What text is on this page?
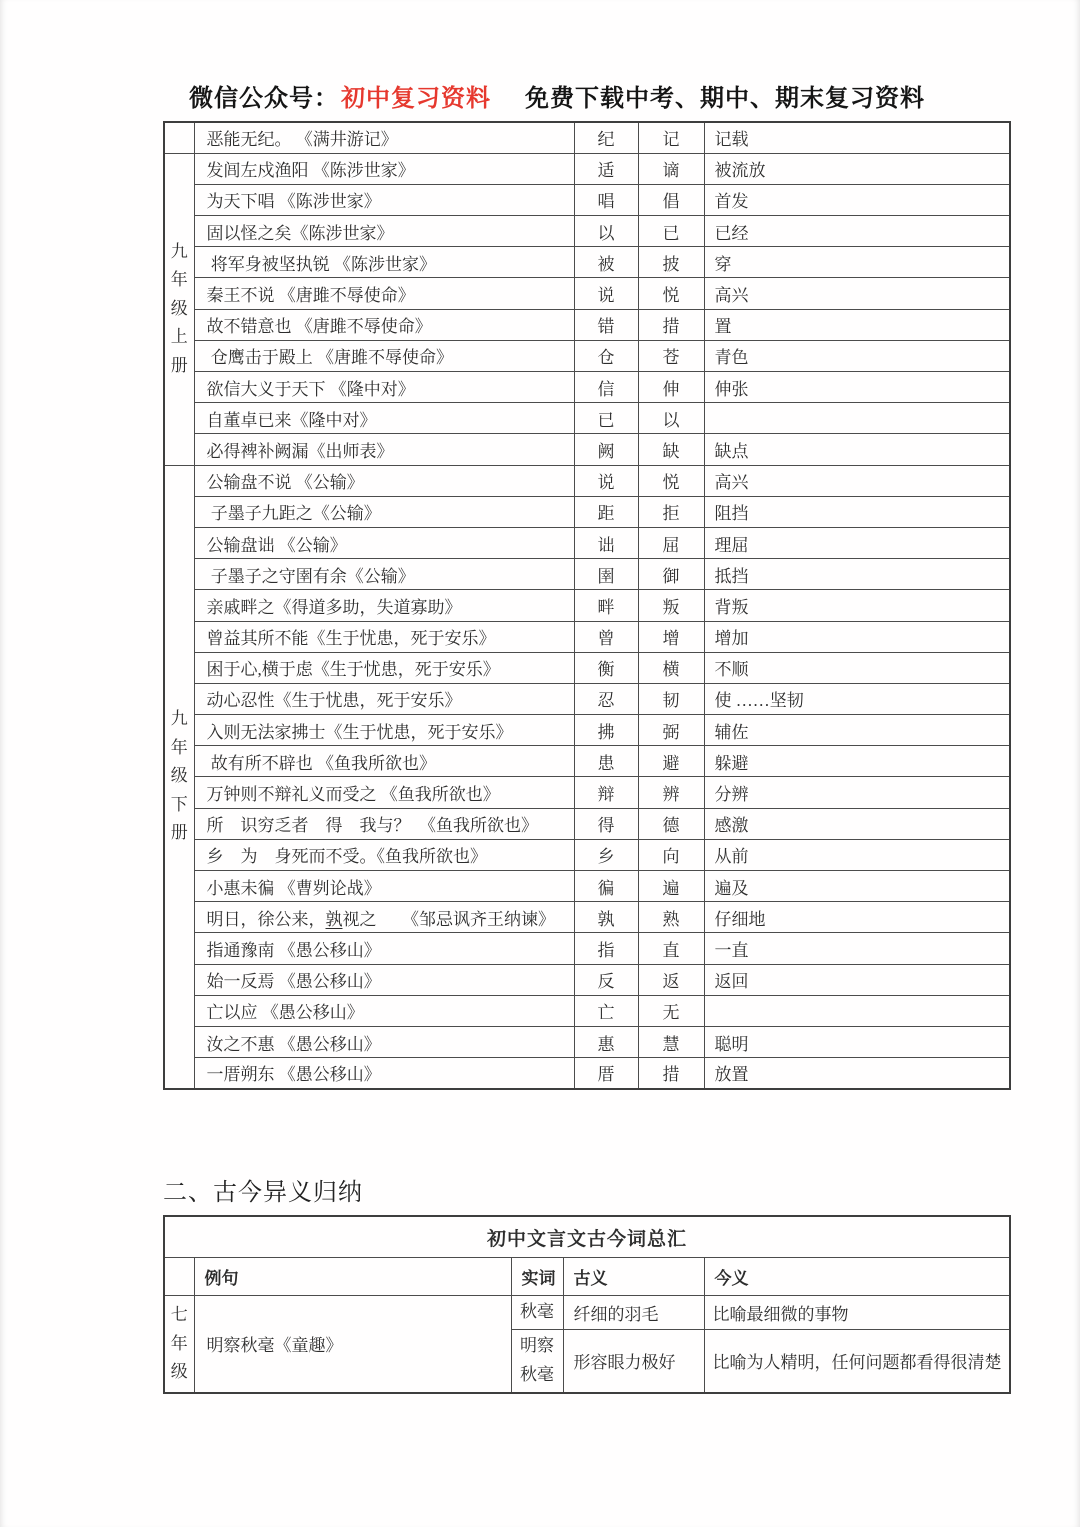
微信公众号：初中复习资料 免费下载中考、期中、期末复习资料
	恶能无纪。 《满井游记》	纪	记	记载
九年级上册	发闾左戍渔阳 《陈涉世家》	适	谪	被流放
	为天下唱 《陈涉世家》	唱	倡	首发
	固以怪之矣《陈涉世家》	以	已	已经
	将军身被坚执锐 《陈涉世家》	被	披	穿
	秦王不说 《唐雎不辱使命》	说	悦	高兴
	故不错意也 《唐雎不辱使命》	错	措	置
	仓鹰击于殿上 《唐雎不辱使命》	仓	苍	青色
	欲信大义于天下 《隆中对》	信	伸	伸张
	自董卓已来《隆中对》	已	以	
	必得裨补阙漏《出师表》	阙	缺	缺点
九年级下册	公输盘不说 《公输》	说	悦	高兴
	子墨子九距之《公输》	距	拒	阻挡
	公输盘诎 《公输》	诎	屈	理屈
	子墨子之守圉有余《公输》	圉	御	抵挡
	亲戚畔之《得道多助，失道寡助》	畔	叛	背叛
	曾益其所不能《生于忧患，死于安乐》	曾	增	增加
	困于心,横于虑《生于忧患，死于安乐》	衡	横	不顺
	动心忍性《生于忧患，死于安乐》	忍	韧	使 ……坚韧
	入则无法家拂士《生于忧患，死于安乐》	拂	弼	辅佐
	故有所不辟也 《鱼我所欲也》	患	避	躲避
	万钟则不辩礼义而受之 《鱼我所欲也》	辩	辨	分辨
	所　识穷乏者　得　我与？　《鱼我所欲也》	得	德	感激
	乡　为　身死而不受。《鱼我所欲也》	乡	向	从前
	小惠未徧 《曹刿论战》	徧	遍	遍及
	明日，徐公来，孰视之　　《邹忌讽齐王纳谏》	孰	熟	仔细地
	指通豫南 《愚公移山》	指	直	一直
	始一反焉 《愚公移山》	反	返	返回
	亡以应 《愚公移山》	亡	无	
	汝之不惠 《愚公移山》	惠	慧	聪明
	一厝朔东 《愚公移山》	厝	措	放置
二、古今异义归纳
初中文言文古今词总汇				
	例句	实词	古义	今义
七年级	明察秋毫《童趣》	秋毫	纤细的羽毛	比喻最细微的事物
		明察秋毫	形容眼力极好	比喻为人精明，任何问题都看得很清楚
